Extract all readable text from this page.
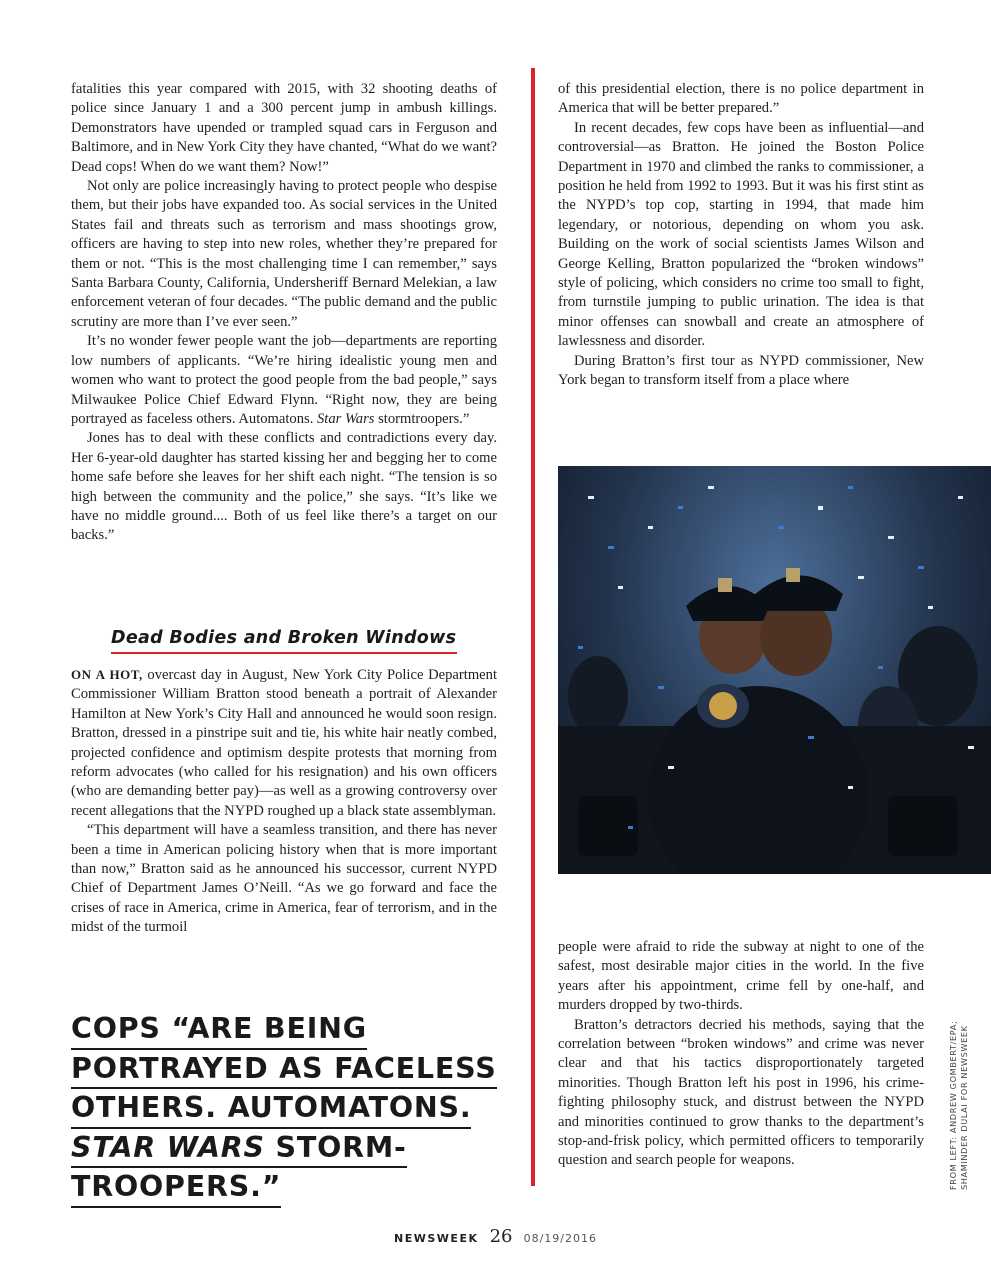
fatalities this year compared with 2015, with 32 shooting deaths of police since January 1 and a 300 percent jump in ambush killings. Demonstrators have upended or trampled squad cars in Ferguson and Baltimore, and in New York City they have chanted, “What do we want? Dead cops! When do we want them? Now!”

Not only are police increasingly having to protect people who despise them, but their jobs have expanded too. As social services in the United States fail and threats such as terrorism and mass shootings grow, officers are having to step into new roles, whether they’re prepared for them or not. “This is the most challenging time I can remember,” says Santa Barbara County, California, Undersheriff Bernard Melekian, a law enforcement veteran of four decades. “The public demand and the public scrutiny are more than I’ve ever seen.”

It’s no wonder fewer people want the job—departments are reporting low numbers of applicants. “We’re hiring idealistic young men and women who want to protect the good people from the bad people,” says Milwaukee Police Chief Edward Flynn. “Right now, they are being portrayed as faceless others. Automatons. Star Wars stormtroopers.”

Jones has to deal with these conflicts and contradictions every day. Her 6-year-old daughter has started kissing her and begging her to come home safe before she leaves for her shift each night. “The tension is so high between the community and the police,” she says. “It’s like we have no middle ground.... Both of us feel like there’s a target on our backs.”

Dead Bodies and Broken Windows

ON A HOT, overcast day in August, New York City Police Department Commissioner William Bratton stood beneath a portrait of Alexander Hamilton at New York’s City Hall and announced he would soon resign. Bratton, dressed in a pinstripe suit and tie, his white hair neatly combed, projected confidence and optimism despite protests that morning from reform advocates (who called for his resignation) and his own officers (who are demanding better pay)—as well as a growing controversy over recent allegations that the NYPD roughed up a black state assemblyman.

“This department will have a seamless transition, and there has never been a time in American policing history when that is more important than now,” Bratton said as he announced his successor, current NYPD Chief of Department James O’Neill. “As we go forward and face the crises of race in America, crime in America, fear of terrorism, and in the midst of the turmoil

COPS “ARE BEING
PORTRAYED AS FACELESS
OTHERS. AUTOMATONS.
STAR WARS STORM-
TROOPERS.”

of this presidential election, there is no police department in America that will be better prepared.”

In recent decades, few cops have been as influential—and controversial—as Bratton. He joined the Boston Police Department in 1970 and climbed the ranks to commissioner, a position he held from 1992 to 1993. But it was his first stint as the NYPD’s top cop, starting in 1994, that made him legendary, or notorious, depending on whom you ask. Building on the work of social scientists James Wilson and George Kelling, Bratton popularized the “broken windows” style of policing, which considers no crime too small to fight, from turnstile jumping to public urination. The idea is that minor offenses can snowball and create an atmosphere of lawlessness and disorder.

During Bratton’s first tour as NYPD commissioner, New York began to transform itself from a place where

people were afraid to ride the subway at night to one of the safest, most desirable major cities in the world. In the five years after his appointment, crime fell by one-half, and murders dropped by two-thirds.

Bratton’s detractors decried his methods, saying that the correlation between “broken windows” and crime was never clear and that his tactics disproportionately targeted minorities. Though Bratton left his post in 1996, his crime-fighting philosophy stuck, and distrust between the NYPD and minorities continued to grow thanks to the department’s stop-and-frisk policy, which permitted officers to temporarily question and search people for weapons.	FROM LEFT: ANDREW GOMBERT/EPA; SHAMINDER DULAI FOR NEWSWEEK
NEWSWEEK 26 08/19/2016
